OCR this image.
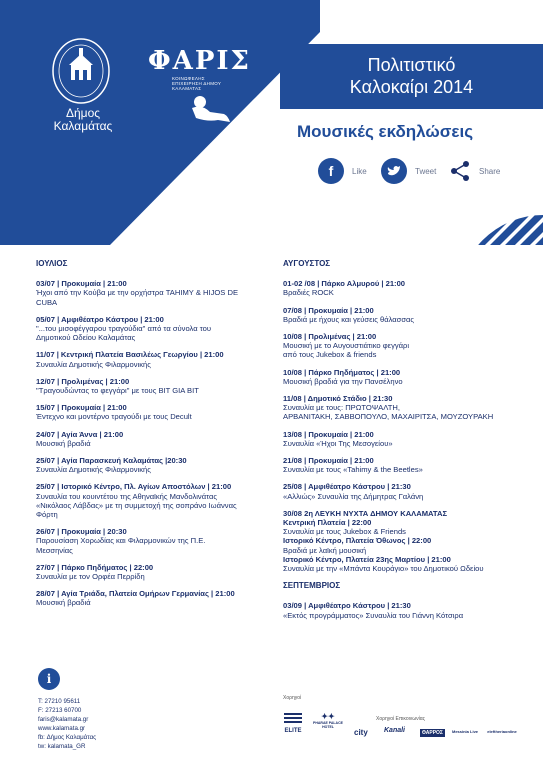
Δήμος Καλαμάτας
ΦΑΡΙΣ
ΚΟΙΝΩΦΕΛΗΣ ΕΠΙΧΕΙΡΗΣΗ ΔΗΜΟΥ ΚΑΛΑΜΑΤΑΣ
Πολιτιστικό
Καλοκαίρι 2014
Μουσικές εκδηλώσεις
f	Like	Tweet	Share
ΙΟΥΛΙΟΣ
03/07 | Προκυμαία | 21:00
Ήχοι από την Κούβα με την ορχήστρα TAHIMY & HIJOS DE
CUBA
05/07 | Αμφιθέατρο Κάστρου | 21:00
"...του μισοφέγγαρου τραγούδια" από τα σύνολα του
Δημοτικού Ωδείου Καλαμάτας
11/07 | Κεντρική Πλατεία Βασιλέως Γεωργίου | 21:00
Συναυλία Δημοτικής Φιλαρμονικής
12/07 | Προλιμένας | 21:00
"Τραγουδώντας το φεγγάρι" με τους BIT GIA BIT
15/07 | Προκυμαία | 21:00
Έντεχνο και μοντέρνο τραγούδι με τους Decult
24/07 | Αγία Άννα | 21:00
Μουσική βραδιά
25/07 | Αγία Παρασκευή Καλαμάτας |20:30
Συναυλία Δημοτικής Φιλαρμονικής
25/07 | Ιστορικό Κέντρο, Πλ. Αγίων Αποστόλων | 21:00
Συναυλία του κουιντέτου της Αθηναϊκής Μανδολινάτας
«Νικόλαος Λάβδας» με τη συμμετοχή της σοπράνο Ιωάννας
Φόρτη
26/07 | Προκυμαία | 20:30
Παρουσίαση Χορωδίας και Φιλαρμονικών της Π.Ε.
Μεσσηνίας
27/07 | Πάρκο Πηδήματος | 22:00
Συναυλία με τον Ορφέα Περρίδη
28/07 | Αγία Τριάδα, Πλατεία Ομήρων Γερμανίας | 21:00
Μουσική βραδιά
ΑΥΓΟΥΣΤΟΣ
01-02 /08 | Πάρκο Αλμυρού | 21:00
Βραδιές ROCK
07/08 | Προκυμαία | 21:00
Βραδιά με ήχους και γεύσεις θάλασσας
10/08 | Προλιμένας | 21:00
Μουσική με το Αυγουστιάτικο φεγγάρι
από τους Jukebox & friends
10/08 | Πάρκο Πηδήματος | 21:00
Μουσική βραδιά για την Πανσέληνο
11/08 | Δημοτικό Στάδιο | 21:30
Συναυλία με τους: ΠΡΩΤΟΨΑΛΤΗ,
ΑΡΒΑΝΙΤΑΚΗ, ΣΑΒΒΟΠΟΥΛΟ, ΜΑΧΑΙΡΙΤΣΑ, ΜΟΥΖΟΥΡΑΚΗ
13/08 | Προκυμαία | 21:00
Συναυλία «Ήχοι Της Μεσογείου»
21/08 | Προκυμαία | 21:00
Συναυλία με τους «Tahimy & the Beetles»
25/08 | Αμφιθέατρο Κάστρου | 21:30
«Αλλιώς» Συναυλία της Δήμητρας Γαλάνη
30/08 2η ΛΕΥΚΗ ΝΥΧΤΑ ΔΗΜΟΥ ΚΑΛΑΜΑΤΑΣ
Κεντρική Πλατεία | 22:00
Συναυλία με τους Jukebox & Friends
Ιστορικό Κέντρο, Πλατεία Όθωνος | 22:00
Βραδιά με λαϊκή μουσική
Ιστορικό Κέντρο, Πλατεία 23ης Μαρτίου | 21:00
Συναυλία με την «Μπάντα Κουράγιο» του Δημοτικού Ωδείου
ΣΕΠΤΕΜΒΡΙΟΣ
03/09 | Αμφιθέατρο Κάστρου | 21:30
«Εκτός προγράμματος» Συναυλία του Γιάννη Κότσιρα
i
T: 27210 95611
F: 27213 60700
faris@kalamata.gr
www.kalamata.gr
fb: Δήμος Καλαμάτας
tw: kalamata_GR
Χορηγοί
Χορηγοί Επικοινωνίας
ELITE
✦✦
PHARAE PALACE HOTEL
city Kanali	ΘΑΡΡΟΣ	Messinia Live	eleftheriaonline
